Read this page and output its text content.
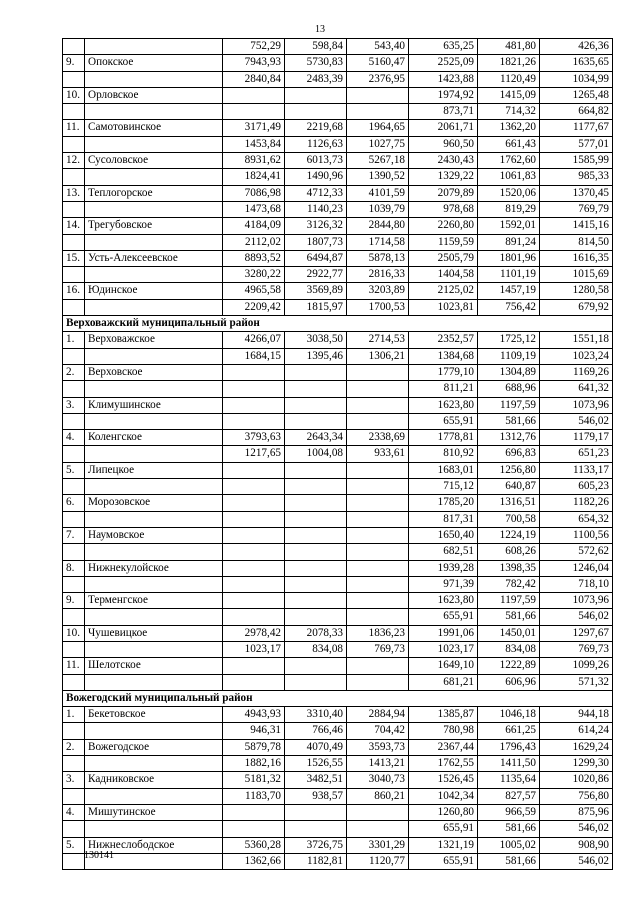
13
		752,29	598,84	543,40	635,25	481,80	426,36
9.	Опокское	7943,93	5730,83	5160,47	2525,09	1821,26	1635,65
		2840,84	2483,39	2376,95	1423,88	1120,49	1034,99
10.	Орловское				1974,92	1415,09	1265,48
					873,71	714,32	664,82
11.	Самотовинское	3171,49	2219,68	1964,65	2061,71	1362,20	1177,67
		1453,84	1126,63	1027,75	960,50	661,43	577,01
12.	Сусоловское	8931,62	6013,73	5267,18	2430,43	1762,60	1585,99
		1824,41	1490,96	1390,52	1329,22	1061,83	985,33
13.	Теплогорское	7086,98	4712,33	4101,59	2079,89	1520,06	1370,45
		1473,68	1140,23	1039,79	978,68	819,29	769,79
14.	Трегубовское	4184,09	3126,32	2844,80	2260,80	1592,01	1415,16
		2112,02	1807,73	1714,58	1159,59	891,24	814,50
15.	Усть-Алексеевское	8893,52	6494,87	5878,13	2505,79	1801,96	1616,35
		3280,22	2922,77	2816,33	1404,58	1101,19	1015,69
16.	Юдинское	4965,58	3569,89	3203,89	2125,02	1457,19	1280,58
		2209,42	1815,97	1700,53	1023,81	756,42	679,92
Верховажский муниципальный район							
1.	Верховажское	4266,07	3038,50	2714,53	2352,57	1725,12	1551,18
		1684,15	1395,46	1306,21	1384,68	1109,19	1023,24
2.	Верховское				1779,10	1304,89	1169,26
					811,21	688,96	641,32
3.	Климушинское				1623,80	1197,59	1073,96
					655,91	581,66	546,02
4.	Коленгское	3793,63	2643,34	2338,69	1778,81	1312,76	1179,17
		1217,65	1004,08	933,61	810,92	696,83	651,23
5.	Липецкое				1683,01	1256,80	1133,17
					715,12	640,87	605,23
6.	Морозовское				1785,20	1316,51	1182,26
					817,31	700,58	654,32
7.	Наумовское				1650,40	1224,19	1100,56
					682,51	608,26	572,62
8.	Нижнекулойское				1939,28	1398,35	1246,04
					971,39	782,42	718,10
9.	Терменгское				1623,80	1197,59	1073,96
					655,91	581,66	546,02
10.	Чушевицкое	2978,42	2078,33	1836,23	1991,06	1450,01	1297,67
		1023,17	834,08	769,73	1023,17	834,08	769,73
11.	Шелотское				1649,10	1222,89	1099,26
					681,21	606,96	571,32
Вожегодский муниципальный район							
1.	Бекетовское	4943,93	3310,40	2884,94	1385,87	1046,18	944,18
		946,31	766,46	704,42	780,98	661,25	614,24
2.	Вожегодское	5879,78	4070,49	3593,73	2367,44	1796,43	1629,24
		1882,16	1526,55	1413,21	1762,55	1411,50	1299,30
3.	Кадниковское	5181,32	3482,51	3040,73	1526,45	1135,64	1020,86
		1183,70	938,57	860,21	1042,34	827,57	756,80
4.	Мишутинское				1260,80	966,59	875,96
					655,91	581,66	546,02
5.	Нижнеслободское	5360,28	3726,75	3301,29	1321,19	1005,02	908,90
		1362,66	1182,81	1120,77	655,91	581,66	546,02
130141
